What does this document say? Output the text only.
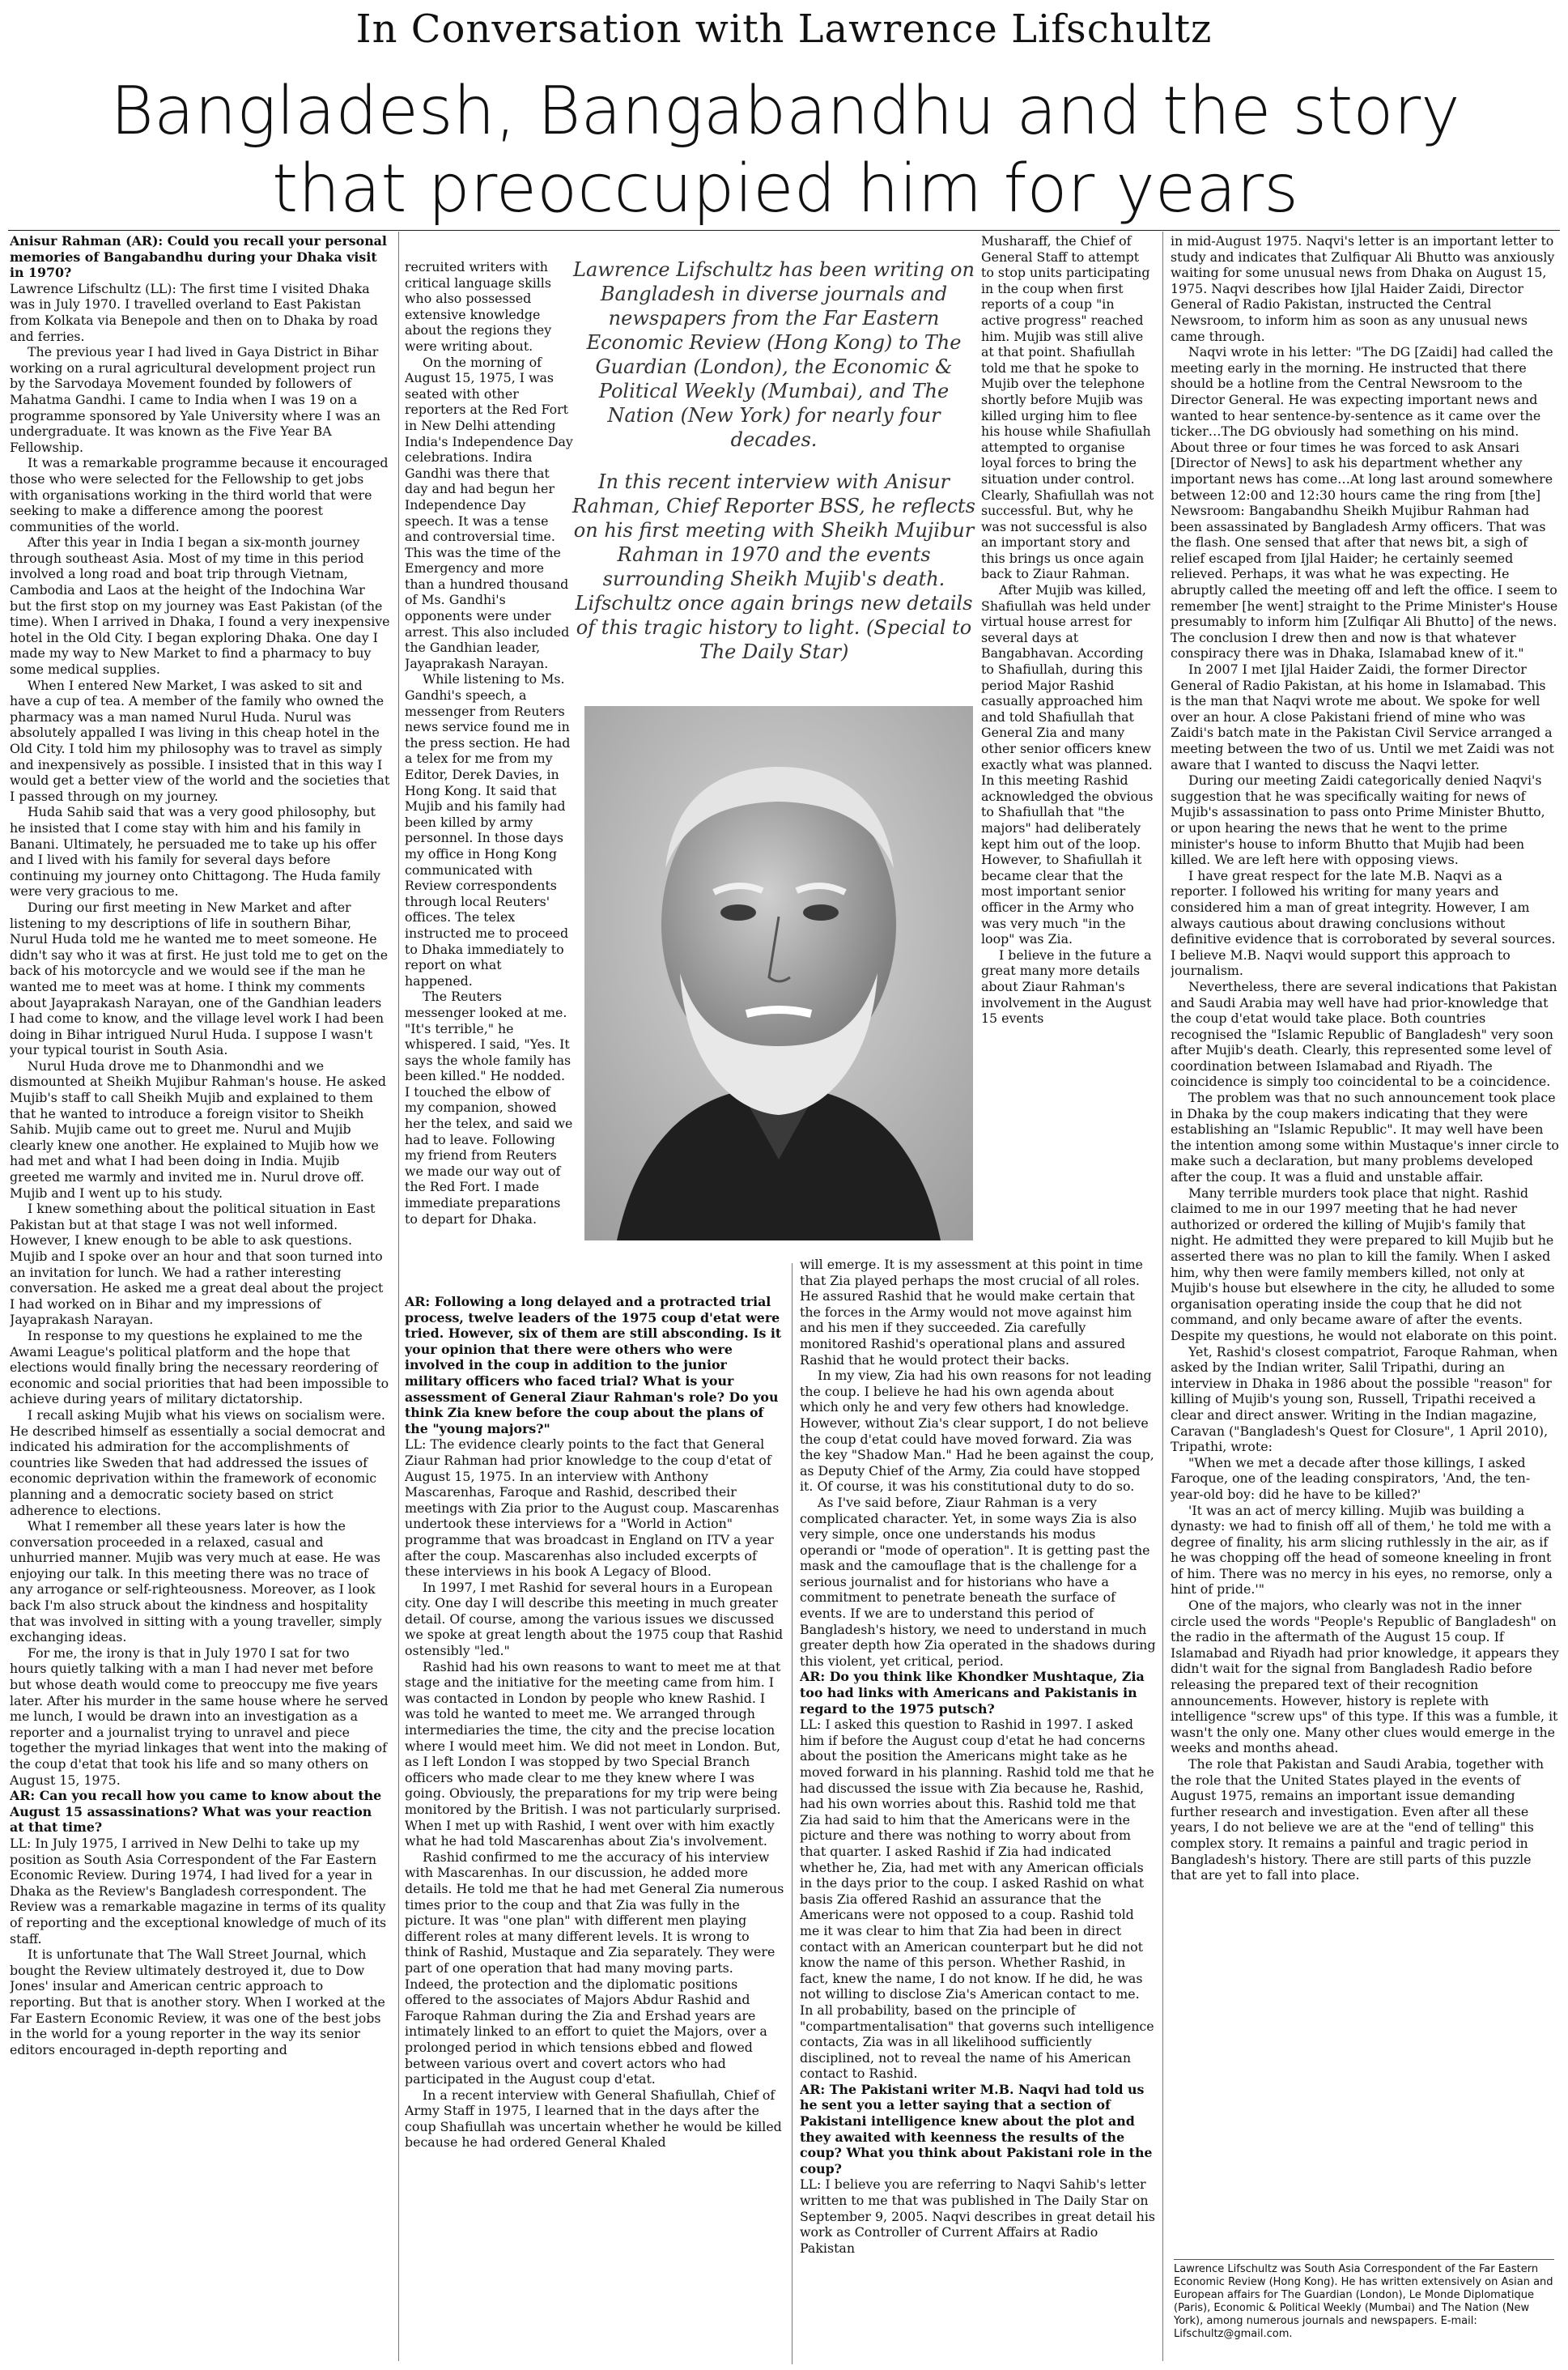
In Conversation with Lawrence Lifschultz
Bangladesh, Bangabandhu and the story that preoccupied him for years

Anisur Rahman (AR): Could you recall your personal memories of Bangabandhu during your Dhaka visit in 1970?

Lawrence Lifschultz (LL): The first time I visited Dhaka was in July 1970. I travelled overland to East Pakistan from Kolkata via Benepole and then on to Dhaka by road and ferries.

The previous year I had lived in Gaya District in Bihar working on a rural agricultural development project run by the Sarvodaya Movement founded by followers of Mahatma Gandhi. I came to India when I was 19 on a programme sponsored by Yale University where I was an undergraduate. It was known as the Five Year BA Fellowship.

It was a remarkable programme because it encouraged those who were selected for the Fellowship to get jobs with organisations working in the third world that were seeking to make a difference among the poorest communities of the world.

After this year in India I began a six-month journey through southeast Asia. Most of my time in this period involved a long road and boat trip through Vietnam, Cambodia and Laos at the height of the Indochina War but the first stop on my journey was East Pakistan (of the time). When I arrived in Dhaka, I found a very inexpensive hotel in the Old City. I began exploring Dhaka. One day I made my way to New Market to find a pharmacy to buy some medical supplies.

When I entered New Market, I was asked to sit and have a cup of tea. A member of the family who owned the pharmacy was a man named Nurul Huda. Nurul was absolutely appalled I was living in this cheap hotel in the Old City. I told him my philosophy was to travel as simply and inexpensively as possible. I insisted that in this way I would get a better view of the world and the societies that I passed through on my journey.

Huda Sahib said that was a very good philosophy, but he insisted that I come stay with him and his family in Banani. Ultimately, he persuaded me to take up his offer and I lived with his family for several days before continuing my journey onto Chittagong. The Huda family were very gracious to me.

During our first meeting in New Market and after listening to my descriptions of life in southern Bihar, Nurul Huda told me he wanted me to meet someone. He didn't say who it was at first. He just told me to get on the back of his motorcycle and we would see if the man he wanted me to meet was at home. I think my comments about Jayaprakash Narayan, one of the Gandhian leaders I had come to know, and the village level work I had been doing in Bihar intrigued Nurul Huda. I suppose I wasn't your typical tourist in South Asia.

Nurul Huda drove me to Dhanmondhi and we dismounted at Sheikh Mujibur Rahman's house. He asked Mujib's staff to call Sheikh Mujib and explained to them that he wanted to introduce a foreign visitor to Sheikh Sahib. Mujib came out to greet me. Nurul and Mujib clearly knew one another. He explained to Mujib how we had met and what I had been doing in India. Mujib greeted me warmly and invited me in. Nurul drove off. Mujib and I went up to his study.

I knew something about the political situation in East Pakistan but at that stage I was not well informed. However, I knew enough to be able to ask questions. Mujib and I spoke over an hour and that soon turned into an invitation for lunch. We had a rather interesting conversation. He asked me a great deal about the project I had worked on in Bihar and my impressions of Jayaprakash Narayan.

In response to my questions he explained to me the Awami League's political platform and the hope that elections would finally bring the necessary reordering of economic and social priorities that had been impossible to achieve during years of military dictatorship.

I recall asking Mujib what his views on socialism were. He described himself as essentially a social democrat and indicated his admiration for the accomplishments of countries like Sweden that had addressed the issues of economic deprivation within the framework of economic planning and a democratic society based on strict adherence to elections.

What I remember all these years later is how the conversation proceeded in a relaxed, casual and unhurried manner. Mujib was very much at ease. He was enjoying our talk. In this meeting there was no trace of any arrogance or self-righteousness. Moreover, as I look back I'm also struck about the kindness and hospitality that was involved in sitting with a young traveller, simply exchanging ideas.

For me, the irony is that in July 1970 I sat for two hours quietly talking with a man I had never met before but whose death would come to preoccupy me five years later. After his murder in the same house where he served me lunch, I would be drawn into an investigation as a reporter and a journalist trying to unravel and piece together the myriad linkages that went into the making of the coup d'etat that took his life and so many others on August 15, 1975.

AR: Can you recall how you came to know about the August 15 assassinations? What was your reaction at that time?

LL: In July 1975, I arrived in New Delhi to take up my position as South Asia Correspondent of the Far Eastern Economic Review. During 1974, I had lived for a year in Dhaka as the Review's Bangladesh correspondent. The Review was a remarkable magazine in terms of its quality of reporting and the exceptional knowledge of much of its staff.

It is unfortunate that The Wall Street Journal, which bought the Review ultimately destroyed it, due to Dow Jones' insular and American centric approach to reporting. But that is another story. When I worked at the Far Eastern Economic Review, it was one of the best jobs in the world for a young reporter in the way its senior editors encouraged in-depth reporting and

recruited writers with critical language skills who also possessed extensive knowledge about the regions they were writing about.

On the morning of August 15, 1975, I was seated with other reporters at the Red Fort in New Delhi attending India's Independence Day celebrations. Indira Gandhi was there that day and had begun her Independence Day speech. It was a tense and controversial time. This was the time of the Emergency and more than a hundred thousand of Ms. Gandhi's opponents were under arrest. This also included the Gandhian leader, Jayaprakash Narayan.

While listening to Ms. Gandhi's speech, a messenger from Reuters news service found me in the press section. He had a telex for me from my Editor, Derek Davies, in Hong Kong. It said that Mujib and his family had been killed by army personnel. In those days my office in Hong Kong communicated with Review correspondents through local Reuters' offices. The telex instructed me to proceed to Dhaka immediately to report on what happened.

The Reuters messenger looked at me. "It's terrible," he whispered. I said, "Yes. It says the whole family has been killed." He nodded. I touched the elbow of my companion, showed her the telex, and said we had to leave. Following my friend from Reuters we made our way out of the Red Fort. I made immediate preparations to depart for Dhaka.

Lawrence Lifschultz has been writing on Bangladesh in diverse journals and newspapers from the Far Eastern Economic Review (Hong Kong) to The Guardian (London), the Economic & Political Weekly (Mumbai), and The Nation (New York) for nearly four decades.

In this recent interview with Anisur Rahman, Chief Reporter BSS, he reflects on his first meeting with Sheikh Mujibur Rahman in 1970 and the events surrounding Sheikh Mujib's death. Lifschultz once again brings new details of this tragic history to light. (Special to The Daily Star)

Musharaff, the Chief of General Staff to attempt to stop units participating in the coup when first reports of a coup "in active progress" reached him. Mujib was still alive at that point. Shafiullah told me that he spoke to Mujib over the telephone shortly before Mujib was killed urging him to flee his house while Shafiullah attempted to organise loyal forces to bring the situation under control. Clearly, Shafiullah was not successful. But, why he was not successful is also an important story and this brings us once again back to Ziaur Rahman.

After Mujib was killed, Shafiullah was held under virtual house arrest for several days at Bangabhavan. According to Shafiullah, during this period Major Rashid casually approached him and told Shafiullah that General Zia and many other senior officers knew exactly what was planned. In this meeting Rashid acknowledged the obvious to Shafiullah that "the majors" had deliberately kept him out of the loop. However, to Shafiullah it became clear that the most important senior officer in the Army who was very much "in the loop" was Zia.

I believe in the future a great many more details about Ziaur Rahman's involvement in the August 15 events

AR: Following a long delayed and a protracted trial process, twelve leaders of the 1975 coup d'etat were tried. However, six of them are still absconding. Is it your opinion that there were others who were involved in the coup in addition to the junior military officers who faced trial? What is your assessment of General Ziaur Rahman's role? Do you think Zia knew before the coup about the plans of the "young majors?"

LL: The evidence clearly points to the fact that General Ziaur Rahman had prior knowledge to the coup d'etat of August 15, 1975. In an interview with Anthony Mascarenhas, Faroque and Rashid, described their meetings with Zia prior to the August coup. Mascarenhas undertook these interviews for a "World in Action" programme that was broadcast in England on ITV a year after the coup. Mascarenhas also included excerpts of these interviews in his book A Legacy of Blood.

In 1997, I met Rashid for several hours in a European city. One day I will describe this meeting in much greater detail. Of course, among the various issues we discussed we spoke at great length about the 1975 coup that Rashid ostensibly "led."

Rashid had his own reasons to want to meet me at that stage and the initiative for the meeting came from him. I was contacted in London by people who knew Rashid. I was told he wanted to meet me. We arranged through intermediaries the time, the city and the precise location where I would meet him. We did not meet in London. But, as I left London I was stopped by two Special Branch officers who made clear to me they knew where I was going. Obviously, the preparations for my trip were being monitored by the British. I was not particularly surprised. When I met up with Rashid, I went over with him exactly what he had told Mascarenhas about Zia's involvement.

Rashid confirmed to me the accuracy of his interview with Mascarenhas. In our discussion, he added more details. He told me that he had met General Zia numerous times prior to the coup and that Zia was fully in the picture. It was "one plan" with different men playing different roles at many different levels. It is wrong to think of Rashid, Mustaque and Zia separately. They were part of one operation that had many moving parts. Indeed, the protection and the diplomatic positions offered to the associates of Majors Abdur Rashid and Faroque Rahman during the Zia and Ershad years are intimately linked to an effort to quiet the Majors, over a prolonged period in which tensions ebbed and flowed between various overt and covert actors who had participated in the August coup d'etat.

In a recent interview with General Shafiullah, Chief of Army Staff in 1975, I learned that in the days after the coup Shafiullah was uncertain whether he would be killed because he had ordered General Khaled

will emerge. It is my assessment at this point in time that Zia played perhaps the most crucial of all roles. He assured Rashid that he would make certain that the forces in the Army would not move against him and his men if they succeeded. Zia carefully monitored Rashid's operational plans and assured Rashid that he would protect their backs.

In my view, Zia had his own reasons for not leading the coup. I believe he had his own agenda about which only he and very few others had knowledge. However, without Zia's clear support, I do not believe the coup d'etat could have moved forward. Zia was the key "Shadow Man." Had he been against the coup, as Deputy Chief of the Army, Zia could have stopped it. Of course, it was his constitutional duty to do so.

As I've said before, Ziaur Rahman is a very complicated character. Yet, in some ways Zia is also very simple, once one understands his modus operandi or "mode of operation". It is getting past the mask and the camouflage that is the challenge for a serious journalist and for historians who have a commitment to penetrate beneath the surface of events. If we are to understand this period of Bangladesh's history, we need to understand in much greater depth how Zia operated in the shadows during this violent, yet critical, period.

AR: Do you think like Khondker Mushtaque, Zia too had links with Americans and Pakistanis in regard to the 1975 putsch?

LL: I asked this question to Rashid in 1997. I asked him if before the August coup d'etat he had concerns about the position the Americans might take as he moved forward in his planning. Rashid told me that he had discussed the issue with Zia because he, Rashid, had his own worries about this. Rashid told me that Zia had said to him that the Americans were in the picture and there was nothing to worry about from that quarter. I asked Rashid if Zia had indicated whether he, Zia, had met with any American officials in the days prior to the coup. I asked Rashid on what basis Zia offered Rashid an assurance that the Americans were not opposed to a coup. Rashid told me it was clear to him that Zia had been in direct contact with an American counterpart but he did not know the name of this person. Whether Rashid, in fact, knew the name, I do not know. If he did, he was not willing to disclose Zia's American contact to me. In all probability, based on the principle of "compartmentalisation" that governs such intelligence contacts, Zia was in all likelihood sufficiently disciplined, not to reveal the name of his American contact to Rashid.

AR: The Pakistani writer M.B. Naqvi had told us he sent you a letter saying that a section of Pakistani intelligence knew about the plot and they awaited with keenness the results of the coup? What you think about Pakistani role in the coup?

LL: I believe you are referring to Naqvi Sahib's letter written to me that was published in The Daily Star on September 9, 2005. Naqvi describes in great detail his work as Controller of Current Affairs at Radio Pakistan

in mid-August 1975. Naqvi's letter is an important letter to study and indicates that Zulfiquar Ali Bhutto was anxiously waiting for some unusual news from Dhaka on August 15, 1975. Naqvi describes how Ijlal Haider Zaidi, Director General of Radio Pakistan, instructed the Central Newsroom, to inform him as soon as any unusual news came through.

Naqvi wrote in his letter: "The DG [Zaidi] had called the meeting early in the morning. He instructed that there should be a hotline from the Central Newsroom to the Director General. He was expecting important news and wanted to hear sentence-by-sentence as it came over the ticker…The DG obviously had something on his mind. About three or four times he was forced to ask Ansari [Director of News] to ask his department whether any important news has come…At long last around somewhere between 12:00 and 12:30 hours came the ring from [the] Newsroom: Bangabandhu Sheikh Mujibur Rahman had been assassinated by Bangladesh Army officers. That was the flash. One sensed that after that news bit, a sigh of relief escaped from Ijlal Haider; he certainly seemed relieved. Perhaps, it was what he was expecting. He abruptly called the meeting off and left the office. I seem to remember [he went] straight to the Prime Minister's House presumably to inform him [Zulfiqar Ali Bhutto] of the news. The conclusion I drew then and now is that whatever conspiracy there was in Dhaka, Islamabad knew of it."

In 2007 I met Ijlal Haider Zaidi, the former Director General of Radio Pakistan, at his home in Islamabad. This is the man that Naqvi wrote me about. We spoke for well over an hour. A close Pakistani friend of mine who was Zaidi's batch mate in the Pakistan Civil Service arranged a meeting between the two of us. Until we met Zaidi was not aware that I wanted to discuss the Naqvi letter.

During our meeting Zaidi categorically denied Naqvi's suggestion that he was specifically waiting for news of Mujib's assassination to pass onto Prime Minister Bhutto, or upon hearing the news that he went to the prime minister's house to inform Bhutto that Mujib had been killed. We are left here with opposing views.

I have great respect for the late M.B. Naqvi as a reporter. I followed his writing for many years and considered him a man of great integrity. However, I am always cautious about drawing conclusions without definitive evidence that is corroborated by several sources. I believe M.B. Naqvi would support this approach to journalism.

Nevertheless, there are several indications that Pakistan and Saudi Arabia may well have had prior-knowledge that the coup d'etat would take place. Both countries recognised the "Islamic Republic of Bangladesh" very soon after Mujib's death. Clearly, this represented some level of coordination between Islamabad and Riyadh. The coincidence is simply too coincidental to be a coincidence.

The problem was that no such announcement took place in Dhaka by the coup makers indicating that they were establishing an "Islamic Republic". It may well have been the intention among some within Mustaque's inner circle to make such a declaration, but many problems developed after the coup. It was a fluid and unstable affair.

Many terrible murders took place that night. Rashid claimed to me in our 1997 meeting that he had never authorized or ordered the killing of Mujib's family that night. He admitted they were prepared to kill Mujib but he asserted there was no plan to kill the family. When I asked him, why then were family members killed, not only at Mujib's house but elsewhere in the city, he alluded to some organisation operating inside the coup that he did not command, and only became aware of after the events. Despite my questions, he would not elaborate on this point.

Yet, Rashid's closest compatriot, Faroque Rahman, when asked by the Indian writer, Salil Tripathi, during an interview in Dhaka in 1986 about the possible "reason" for killing of Mujib's young son, Russell, Tripathi received a clear and direct answer. Writing in the Indian magazine, Caravan ("Bangladesh's Quest for Closure", 1 April 2010), Tripathi, wrote:

"When we met a decade after those killings, I asked Faroque, one of the leading conspirators, 'And, the ten-year-old boy: did he have to be killed?'

'It was an act of mercy killing. Mujib was building a dynasty: we had to finish off all of them,' he told me with a degree of finality, his arm slicing ruthlessly in the air, as if he was chopping off the head of someone kneeling in front of him. There was no mercy in his eyes, no remorse, only a hint of pride.'"

One of the majors, who clearly was not in the inner circle used the words "People's Republic of Bangladesh" on the radio in the aftermath of the August 15 coup. If Islamabad and Riyadh had prior knowledge, it appears they didn't wait for the signal from Bangladesh Radio before releasing the prepared text of their recognition announcements. However, history is replete with intelligence "screw ups" of this type. If this was a fumble, it wasn't the only one. Many other clues would emerge in the weeks and months ahead.

The role that Pakistan and Saudi Arabia, together with the role that the United States played in the events of August 1975, remains an important issue demanding further research and investigation. Even after all these years, I do not believe we are at the "end of telling" this complex story. It remains a painful and tragic period in Bangladesh's history. There are still parts of this puzzle that are yet to fall into place.

Lawrence Lifschultz was South Asia Correspondent of the Far Eastern Economic Review (Hong Kong). He has written extensively on Asian and European affairs for The Guardian (London), Le Monde Diplomatique (Paris), Economic & Political Weekly (Mumbai) and The Nation (New York), among numerous journals and newspapers. E-mail: Lifschultz@gmail.com.
